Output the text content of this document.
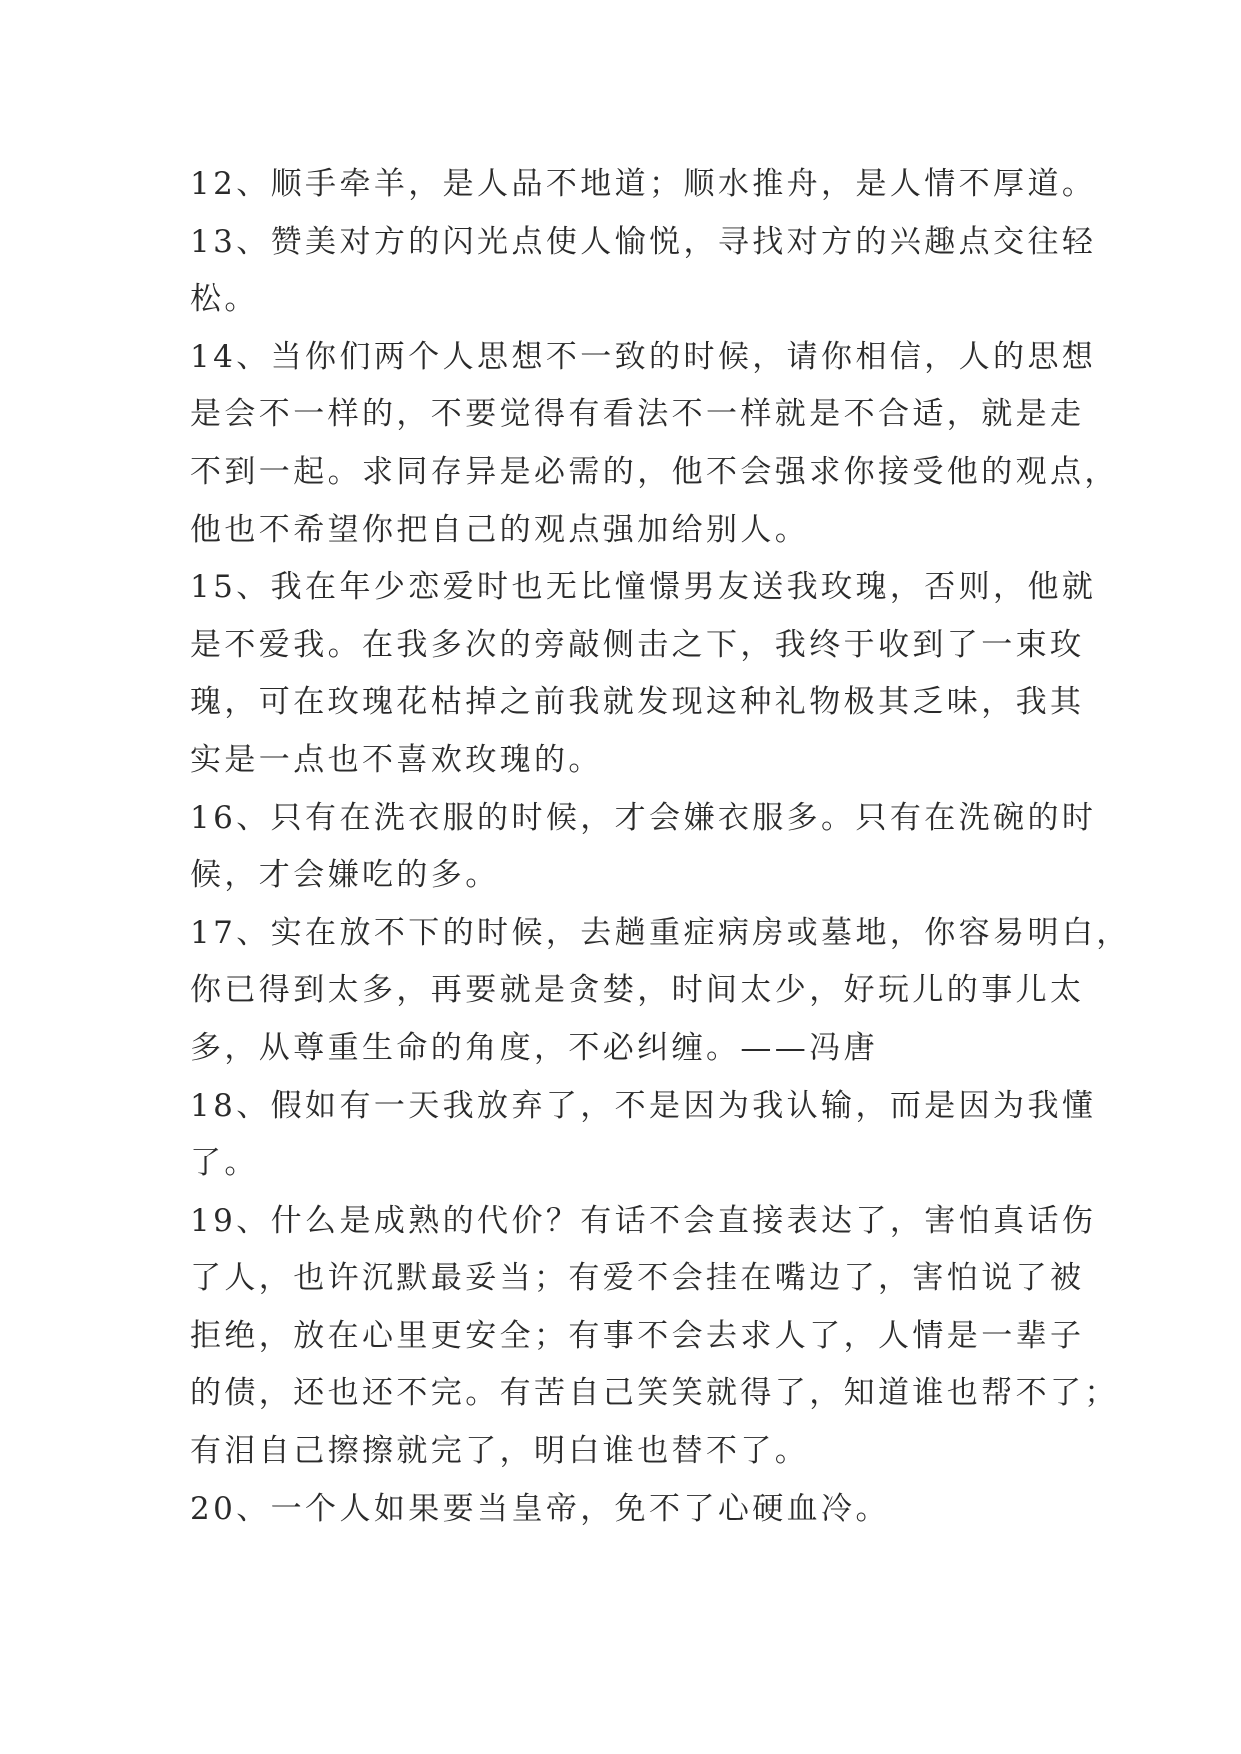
12、顺手牵羊，是人品不地道；顺水推舟，是人情不厚道。
13、赞美对方的闪光点使人愉悦，寻找对方的兴趣点交往轻
松。
14、当你们两个人思想不一致的时候，请你相信，人的思想
是会不一样的，不要觉得有看法不一样就是不合适，就是走
不到一起。求同存异是必需的，他不会强求你接受他的观点，
他也不希望你把自己的观点强加给别人。
15、我在年少恋爱时也无比憧憬男友送我玫瑰，否则，他就
是不爱我。在我多次的旁敲侧击之下，我终于收到了一束玫
瑰，可在玫瑰花枯掉之前我就发现这种礼物极其乏味，我其
实是一点也不喜欢玫瑰的。
16、只有在洗衣服的时候，才会嫌衣服多。只有在洗碗的时
候，才会嫌吃的多。
17、实在放不下的时候，去趟重症病房或墓地，你容易明白，
你已得到太多，再要就是贪婪，时间太少，好玩儿的事儿太
多，从尊重生命的角度，不必纠缠。——冯唐
18、假如有一天我放弃了，不是因为我认输，而是因为我懂
了。
19、什么是成熟的代价？有话不会直接表达了，害怕真话伤
了人，也许沉默最妥当；有爱不会挂在嘴边了，害怕说了被
拒绝，放在心里更安全；有事不会去求人了，人情是一辈子
的债，还也还不完。有苦自己笑笑就得了，知道谁也帮不了；
有泪自己擦擦就完了，明白谁也替不了。
20、一个人如果要当皇帝，免不了心硬血冷。
